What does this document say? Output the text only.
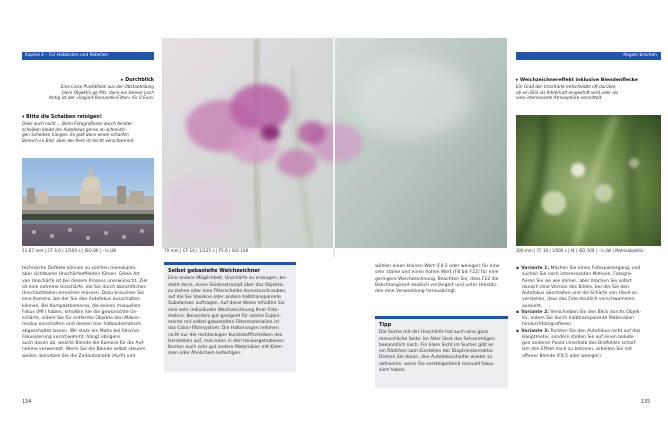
Kapitel 4 – Für Hobbisten und Rebellen	Regeln brechen
▸ Durchblick
Eine Linse Plastikfolie aus der Obstabteilung
(dem Objektiv ge-filt). dann ein kleiner Loch
fertig ist der »Vaginit-Romantik«Filter« für 0 Euro.
▾ Bitte die Scheiben reinigen!
Oder auch nicht ... Beim Fotografieren durch fenster-
scheiben bleibt der Autofokus gerne an schmutzi-
gen Scheiben hängen. Es gibt dann einen scharfen
Bereich im Bild, aber der Rest ist leicht verschwimmt.
11,67 mm | CF 4,6 | 1/500 s | ISO 80 | –½ LW
technische Defekte können zu solchen monokalen,
aber sichtbaren Unschärfeeffekten führen. Diese Art
von Unschärfe ist bei diesem Prozess unerwünscht. Ziel
ist eine extreme Unschärfe, die Sie durch absichtliches
Unscharfstellen erreichen müssen. Dazu brauchen Sie
eine Kamera, bei der Sie den Autofokus ausschalten
können. Bei Kompaktkameras, die keinen manuellen
Fokus (MF) haben, erhalten Sie die gewünschte Un-
schärfe, indem Sie für entfernte Objekte den Makro-
modus einschalten und dessen hier halbautomatisch
abgeschaltet lassen. Wir stark ein Motiv bei falscher
Fokussierung verschwimmt, hängt übrigens
auch davon ab, welche Blende die Kamera für die Auf-
nahme verwendet. Wenn Sie die Blende selbst steuern
wollen, benutzen Sie die Zeitautomatik (Av/A) und
134
70 mm | CF 16 | 1/125 s | F5,6 | ISO 100
Selbst gebastelte Weichzeichner
Eine andere Möglichkeit, Unschärfe zu erzeugen, be-
steht darin, einen Seidenstrumpf über das Objektiv
zu ziehen oder eine Filterscheibe davorzuschrauben,
auf die Sie Vaseline oder andere halbtransparente
Substanzen auftragen. Auf diese Weise erhalten Sie
eine sehr individuelle Weichzeichnung Ihrer Foto-
motive. Besonders gut geeignet für solche Experi-
mente mit selbst gebastelten Filtermaterialien ist
das Cokin-Filtersystem. Die Halterungen nehmen
nicht nur die rechteckigen Kunststofffscheiben des
Herstellers auf, man kann in den herausgehobenen
Kanten auch sehr gut andere Materialien mit Klem-
men oder Ähnlichem befestigen.
wählen einen kleinen Wert (F4,5 oder weniger) für eine
sehr starke und einen hohen Wert (F8 bis F22) für eine
geringere Weichzeichnung. Beachten Sie, dass F22 die
Belichtungszeit deutlich verlängert und unter Umstän-
den eine Verwacklung herausbringt.
Tipp
Die Suche mit der Unschärfe hat auch eine ganz
menschliche Seite. Im Alter lässt das Sehvermögen
bekanntlich nach. Für klare Sicht im Sucher gibt es
ein Rädchen zum Einstellen der Dioptrienkorrektur.
Drehen Sie daran, den Autofokuschalter wieder zu
aktivieren, wenn Sie versteigerbend manuell fokus-
siert haben.
▸ Weichzeichnereffekt inklusive Blendenflecke
Ein Grad der Unschärfe entscheidet oft darüber,
ob ein Bild als fehlerhaft eingestuft wird oder als
eine interessante Atmosphäre vermittelt.
300 mm | CF 16 | 1/500 s | f4 | ISO 100 | –½ LW | Matrixobjektiv
▪ Variante 1: Machen Sie einen Fotospaziergang, und
suchen Sie nach interessanten Motiven. Fotogra-
fieren Sie sie wie immer, aber machen Sie sofort
danach eine Version des Bildes, bei der Sie den
Autofokus abschalten und die Schärfe von Hand so
verstellen, dass das Foto deutlich verschwommen
aussieht.
▪ Variante 2: Verschieben Sie den Blick durchs Objek-
tiv, indem Sie durch halbtransparente Materialien
hindurchfotografieren.
▪ Variante 3: Richten Sie den Autofokus nicht auf das
Hauptmotiv, sondern stellen Sie auf einen beliebi-
gen anderen Punkt innerhalb des Bildfeldes scharf.
Um den Effekt noch zu betonen, arbeiten Sie mit
offener Blende (F4,5 oder weniger).
135
